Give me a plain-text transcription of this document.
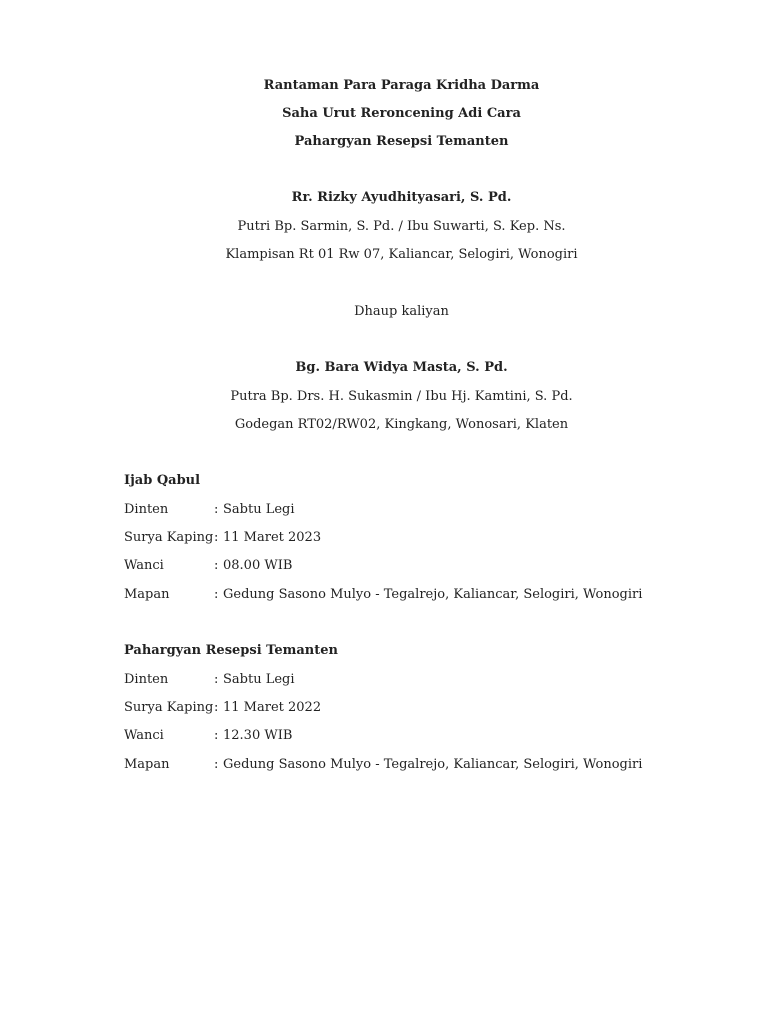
Rantaman Para Paraga Kridha Darma
Saha Urut Reroncening Adi Cara
Pahargyan Resepsi Temanten
Rr. Rizky Ayudhityasari, S. Pd.
Putri Bp. Sarmin, S. Pd. / Ibu Suwarti, S. Kep. Ns.
Klampisan Rt 01 Rw 07, Kaliancar, Selogiri, Wonogiri
Dhaup kaliyan
Bg. Bara Widya Masta, S. Pd.
Putra Bp. Drs. H. Sukasmin / Ibu Hj. Kamtini, S. Pd.
Godegan RT02/RW02, Kingkang, Wonosari, Klaten
Ijab Qabul
Dinten	: Sabtu Legi
Surya Kaping: 11 Maret 2023
Wanci	: 08.00 WIB
Mapan	: Gedung Sasono Mulyo - Tegalrejo, Kaliancar, Selogiri, Wonogiri
Pahargyan Resepsi Temanten
Dinten	: Sabtu Legi
Surya Kaping: 11 Maret 2022
Wanci	: 12.30 WIB
Mapan	: Gedung Sasono Mulyo - Tegalrejo, Kaliancar, Selogiri, Wonogiri
